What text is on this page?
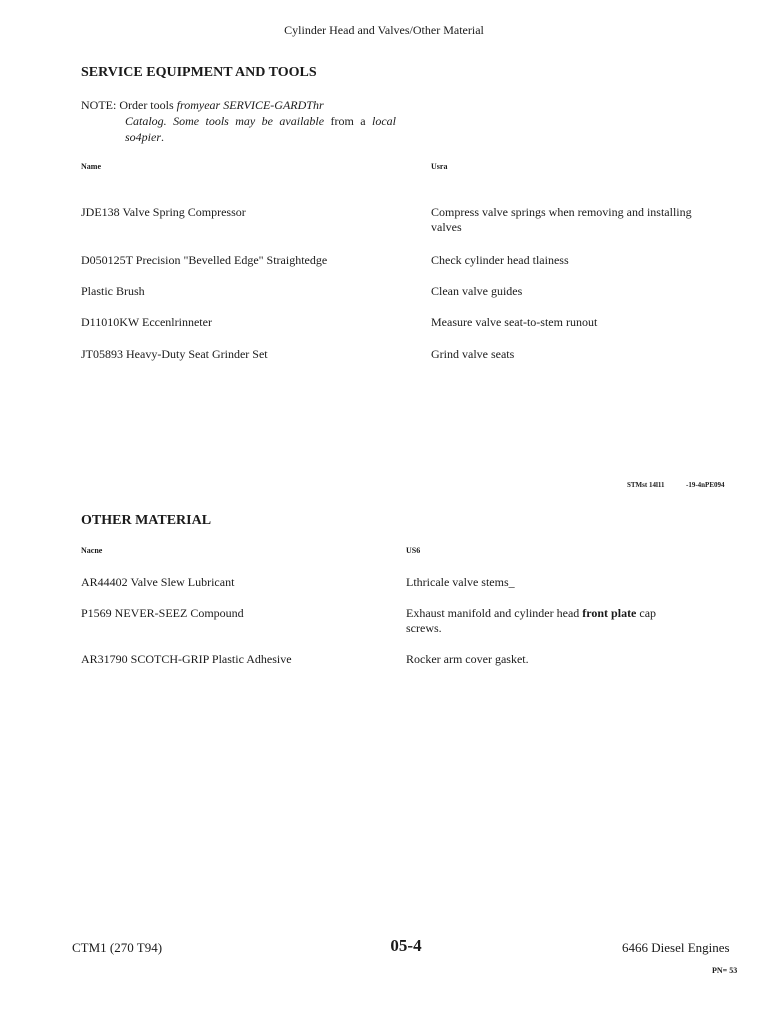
Cylinder Head and Valves/Other Material
SERVICE EQUIPMENT AND TOOLS
NOTE: Order tools fromyear SERVICE-GARDThr
Catalog. Some tools may be available from a local so4pier.
Name	Usra
JDE138 Valve Spring Compressor	Compress valve springs when removing and installing valves
D050125T Precision "Bevelled Edge" Straightedge	Check cylinder head tlainess
Plastic Brush	Clean valve guides
D11010KW Eccenlrinneter	Measure valve seat-to-stem runout
JT05893 Heavy-Duty Seat Grinder Set	Grind valve seats
STMst 14l11	-19-4nPE094
OTHER MATERIAL
Nacne	US6
AR44402 Valve Slew Lubricant	Lthricale valve stems_
P1569 NEVER-SEEZ Compound	Exhaust manifold and cylinder head front plate cap screws.
AR31790 SCOTCH-GRIP Plastic Adhesive	Rocker arm cover gasket.
CTM1 (270 T94)	05-4	6466 Diesel Engines
PN= 53
